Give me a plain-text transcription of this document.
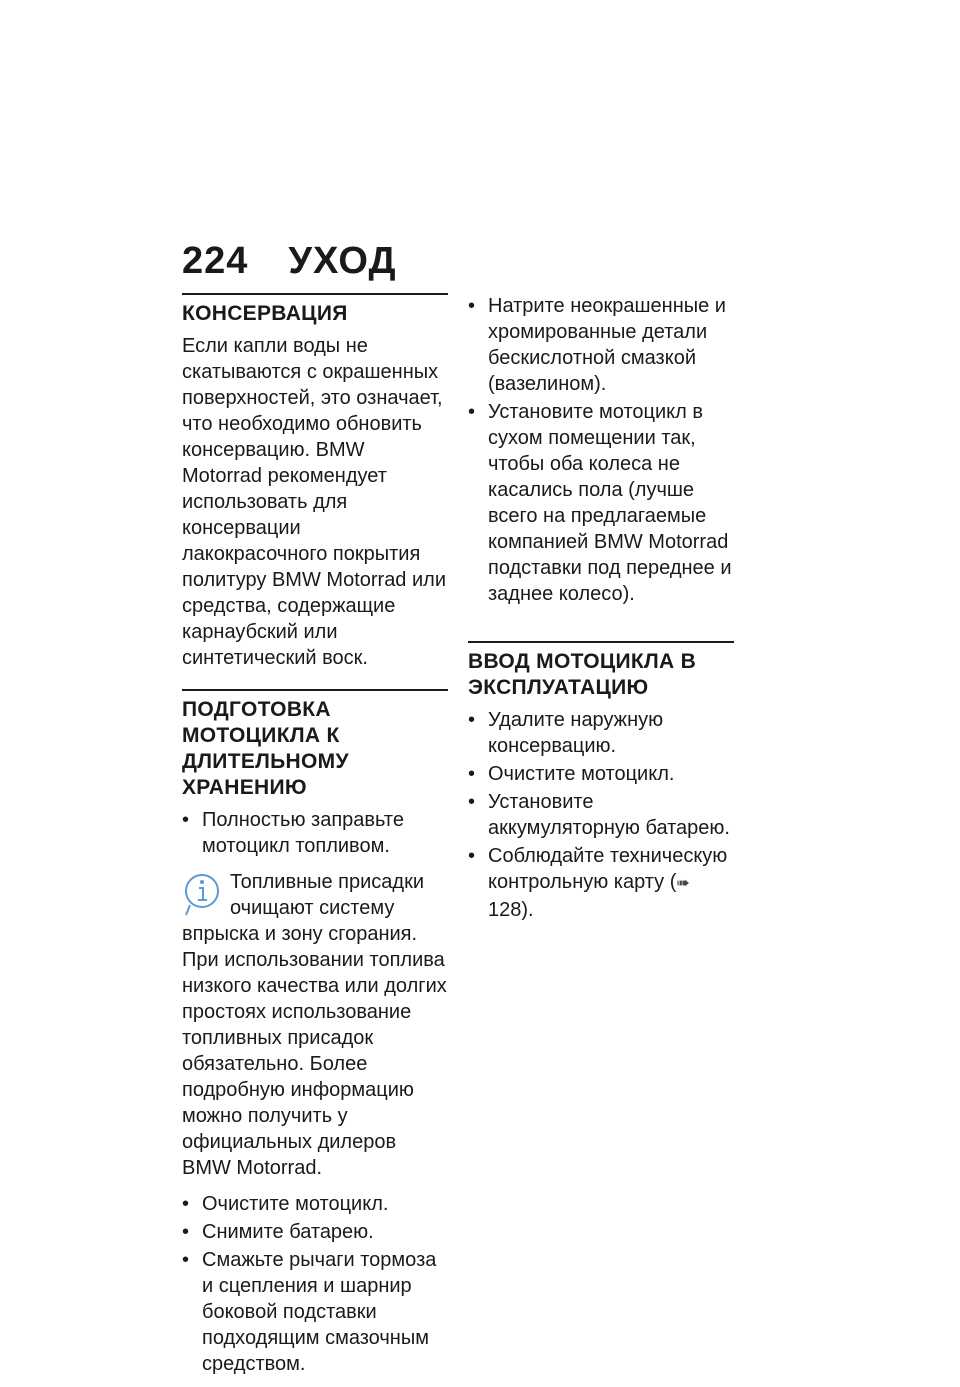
224 УХОД
КОНСЕРВАЦИЯ

Если капли воды не скатываются с окрашенных поверхностей, это означает, что необходимо обновить консервацию. BMW Motorrad рекомендует использовать для консервации лакокрасочного покрытия политуру BMW Motorrad или средства, содержащие карнаубский или синтетический воск.

ПОДГОТОВКА МОТОЦИКЛА К ДЛИТЕЛЬНОМУ ХРАНЕНИЮ
• Полностью заправьте мотоцикл топливом.
Топливные присадки очищают систему впрыска и зону сгорания. При использовании топлива низкого качества или долгих простоях использование топливных присадок обязательно. Более подробную информацию можно получить у официальных дилеров BMW Motorrad.
• Очистите мотоцикл.
• Снимите батарею.
• Смажьте рычаги тормоза и сцепления и шарнир боковой подставки подходящим смазочным средством.
• Натрите неокрашенные и хромированные детали бескислотной смазкой (вазелином).
• Установите мотоцикл в сухом помещении так, чтобы оба колеса не касались пола (лучше всего на предлагаемые компанией BMW Motorrad подставки под переднее и заднее колесо).
ВВОД МОТОЦИКЛА В ЭКСПЛУАТАЦИЮ
• Удалите наружную консервацию.
• Очистите мотоцикл.
• Установите аккумуляторную батарею.
• Соблюдайте техническую контрольную карту (➠ 128).
